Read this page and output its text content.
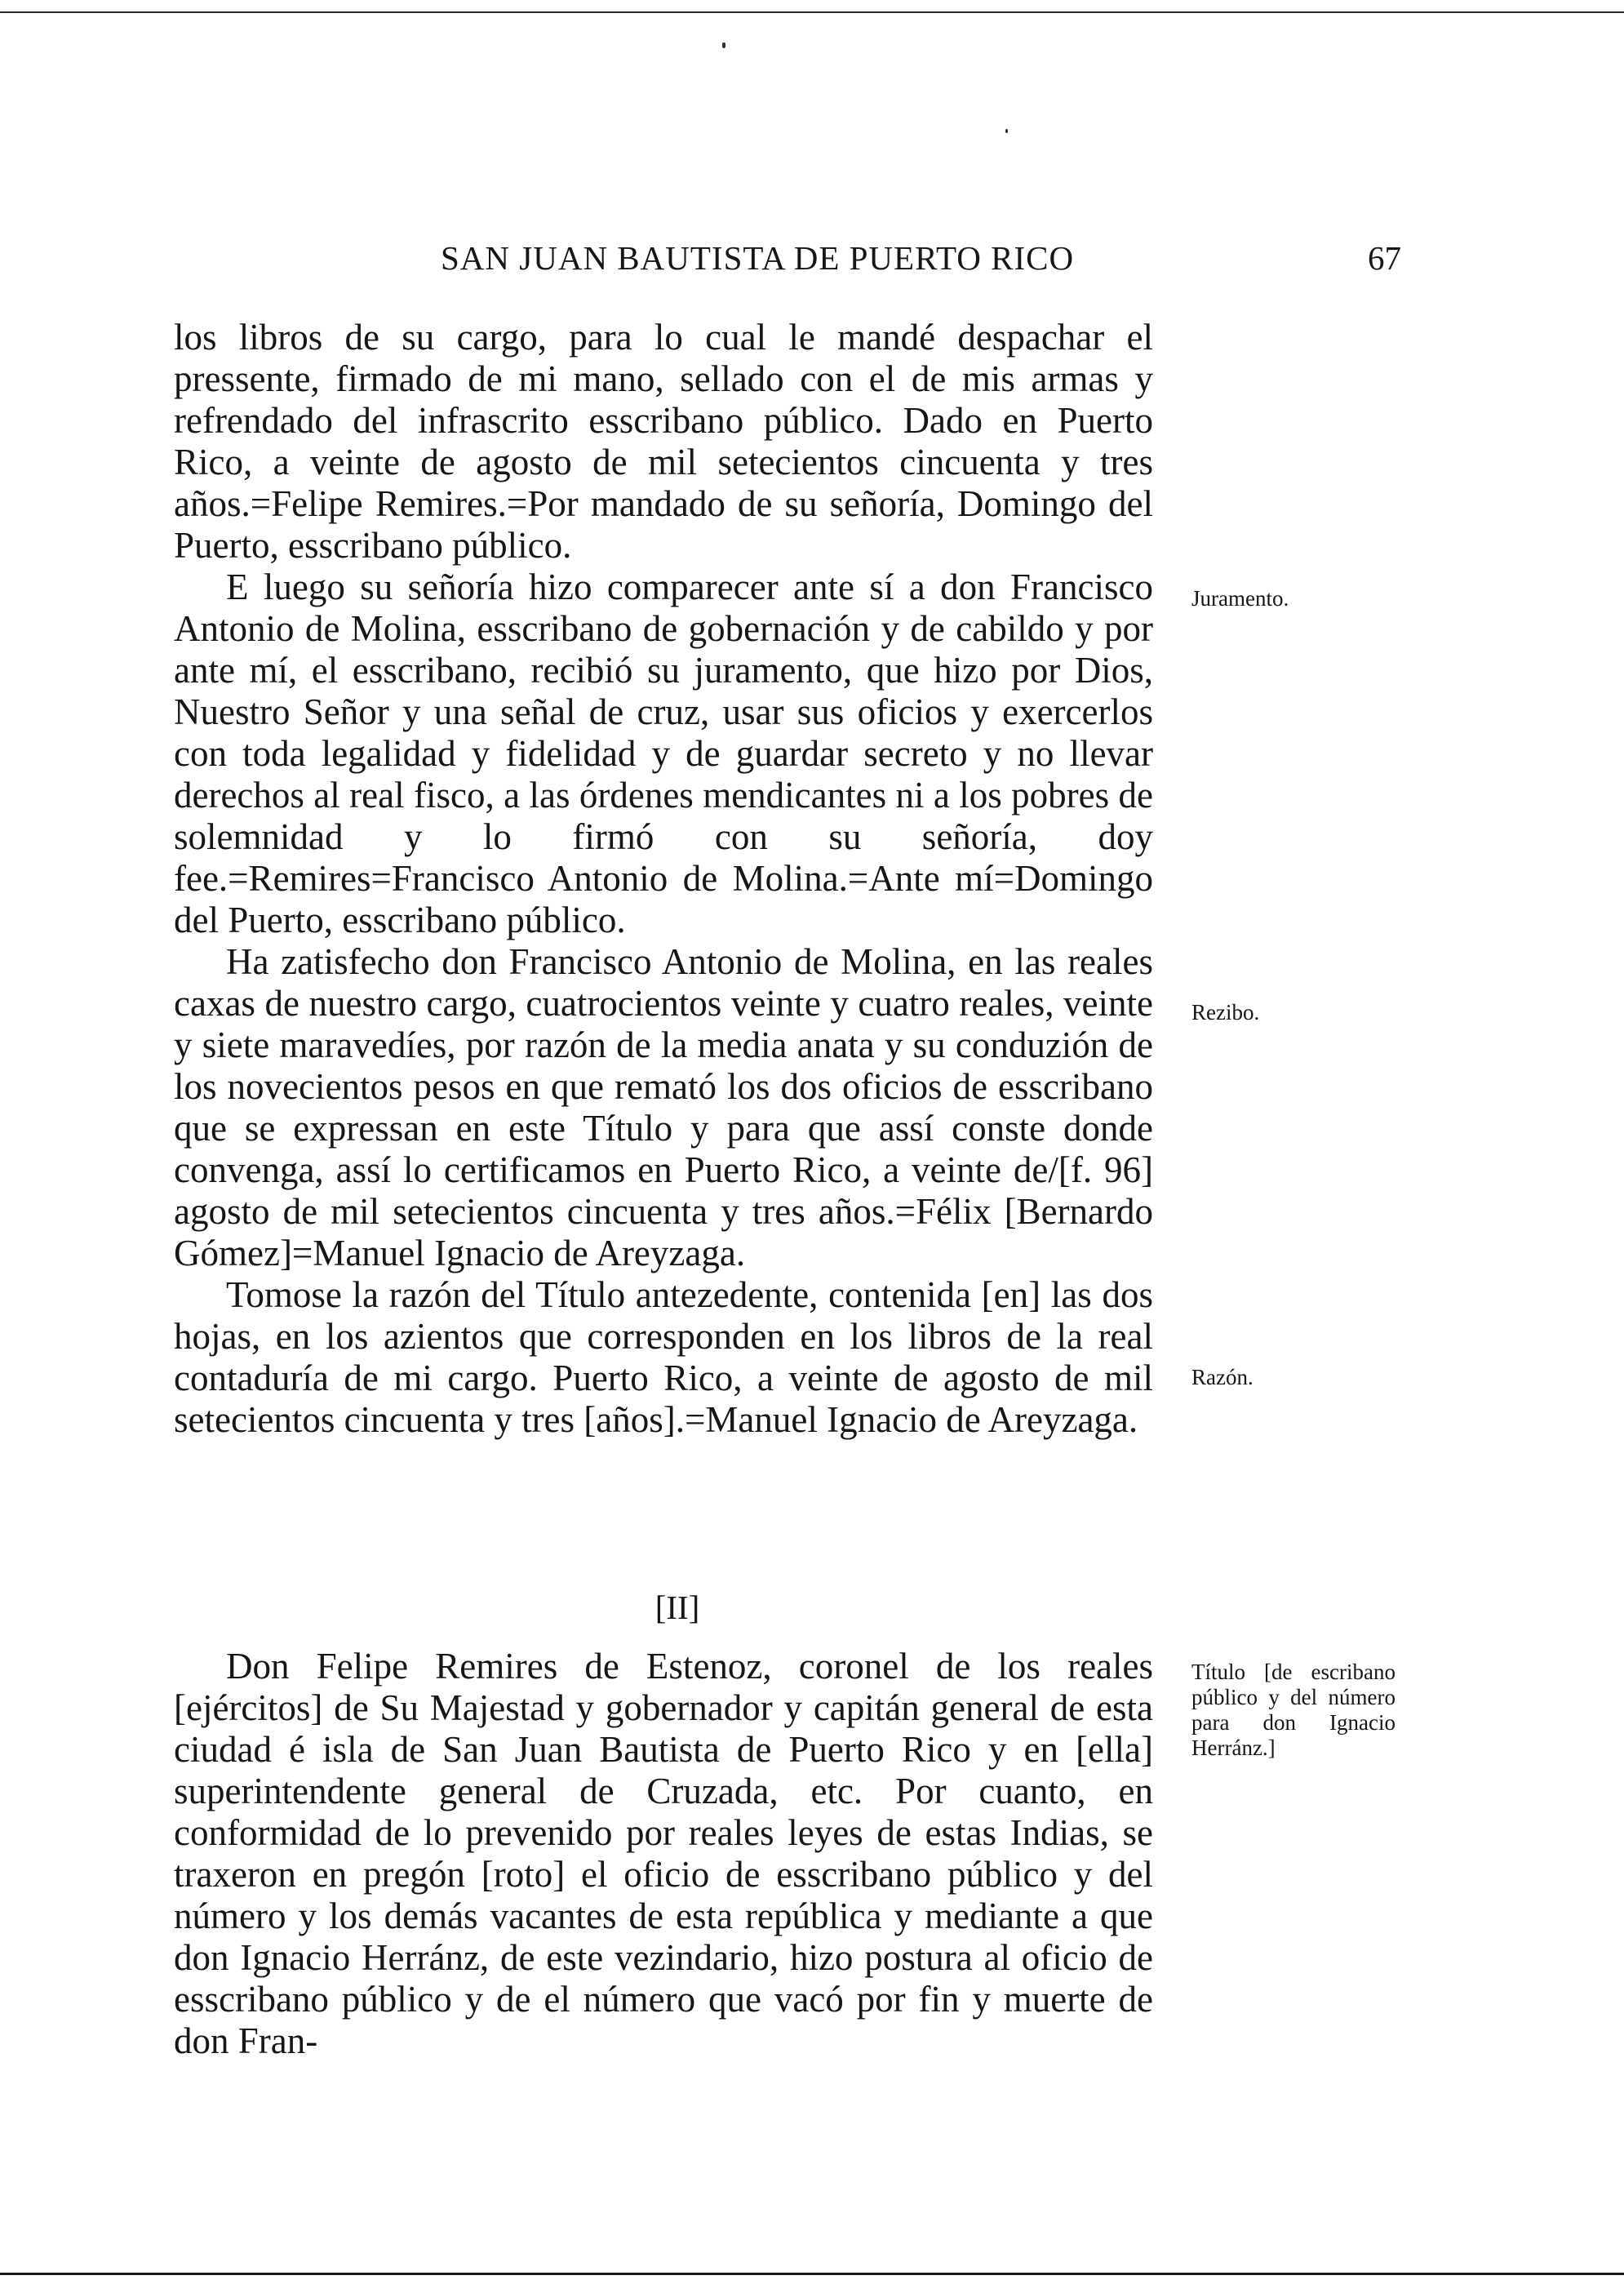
SAN JUAN BAUTISTA DE PUERTO RICO	67

los libros de su cargo, para lo cual le mandé despachar el pressente, firmado de mi mano, sellado con el de mis armas y refrendado del infrascrito esscribano público. Dado en Puerto Rico, a veinte de agosto de mil setecientos cincuenta y tres años.=Felipe Remires.=Por mandado de su señoría, Domingo del Puerto, esscribano público.

E luego su señoría hizo comparecer ante sí a don Francisco Antonio de Molina, esscribano de gobernación y de cabildo y por ante mí, el esscribano, recibió su juramento, que hizo por Dios, Nuestro Señor y una señal de cruz, usar sus oficios y exercerlos con toda legalidad y fidelidad y de guardar secreto y no llevar derechos al real fisco, a las órdenes mendicantes ni a los pobres de solemnidad y lo firmó con su señoría, doy fee.=Remires=Francisco Antonio de Molina.=Ante mí=Domingo del Puerto, esscribano público.

Ha zatisfecho don Francisco Antonio de Molina, en las reales caxas de nuestro cargo, cuatrocientos veinte y cuatro reales, veinte y siete maravedíes, por razón de la media anata y su conduzión de los novecientos pesos en que remató los dos oficios de esscribano que se expressan en este Título y para que assí conste donde convenga, assí lo certificamos en Puerto Rico, a veinte de/[f. 96] agosto de mil setecientos cincuenta y tres años.=Félix [Bernardo Gómez]=Manuel Ignacio de Areyzaga.

Tomose la razón del Título antezedente, contenida [en] las dos hojas, en los azientos que corresponden en los libros de la real contaduría de mi cargo. Puerto Rico, a veinte de agosto de mil setecientos cincuenta y tres [años].=Manuel Ignacio de Areyzaga.

[II]

Don Felipe Remires de Estenoz, coronel de los reales [ejércitos] de Su Majestad y gobernador y capitán general de esta ciudad é isla de San Juan Bautista de Puerto Rico y en [ella] superintendente general de Cruzada, etc. Por cuanto, en conformidad de lo prevenido por reales leyes de estas Indias, se traxeron en pregón [roto] el oficio de esscribano público y del número y los demás vacantes de esta república y mediante a que don Ignacio Herránz, de este vezindario, hizo postura al oficio de esscribano público y de el número que vacó por fin y muerte de don Fran-

Juramento.
Rezibo.
Razón.
Título [de escribano público y del número para don Ignacio Herránz.]
